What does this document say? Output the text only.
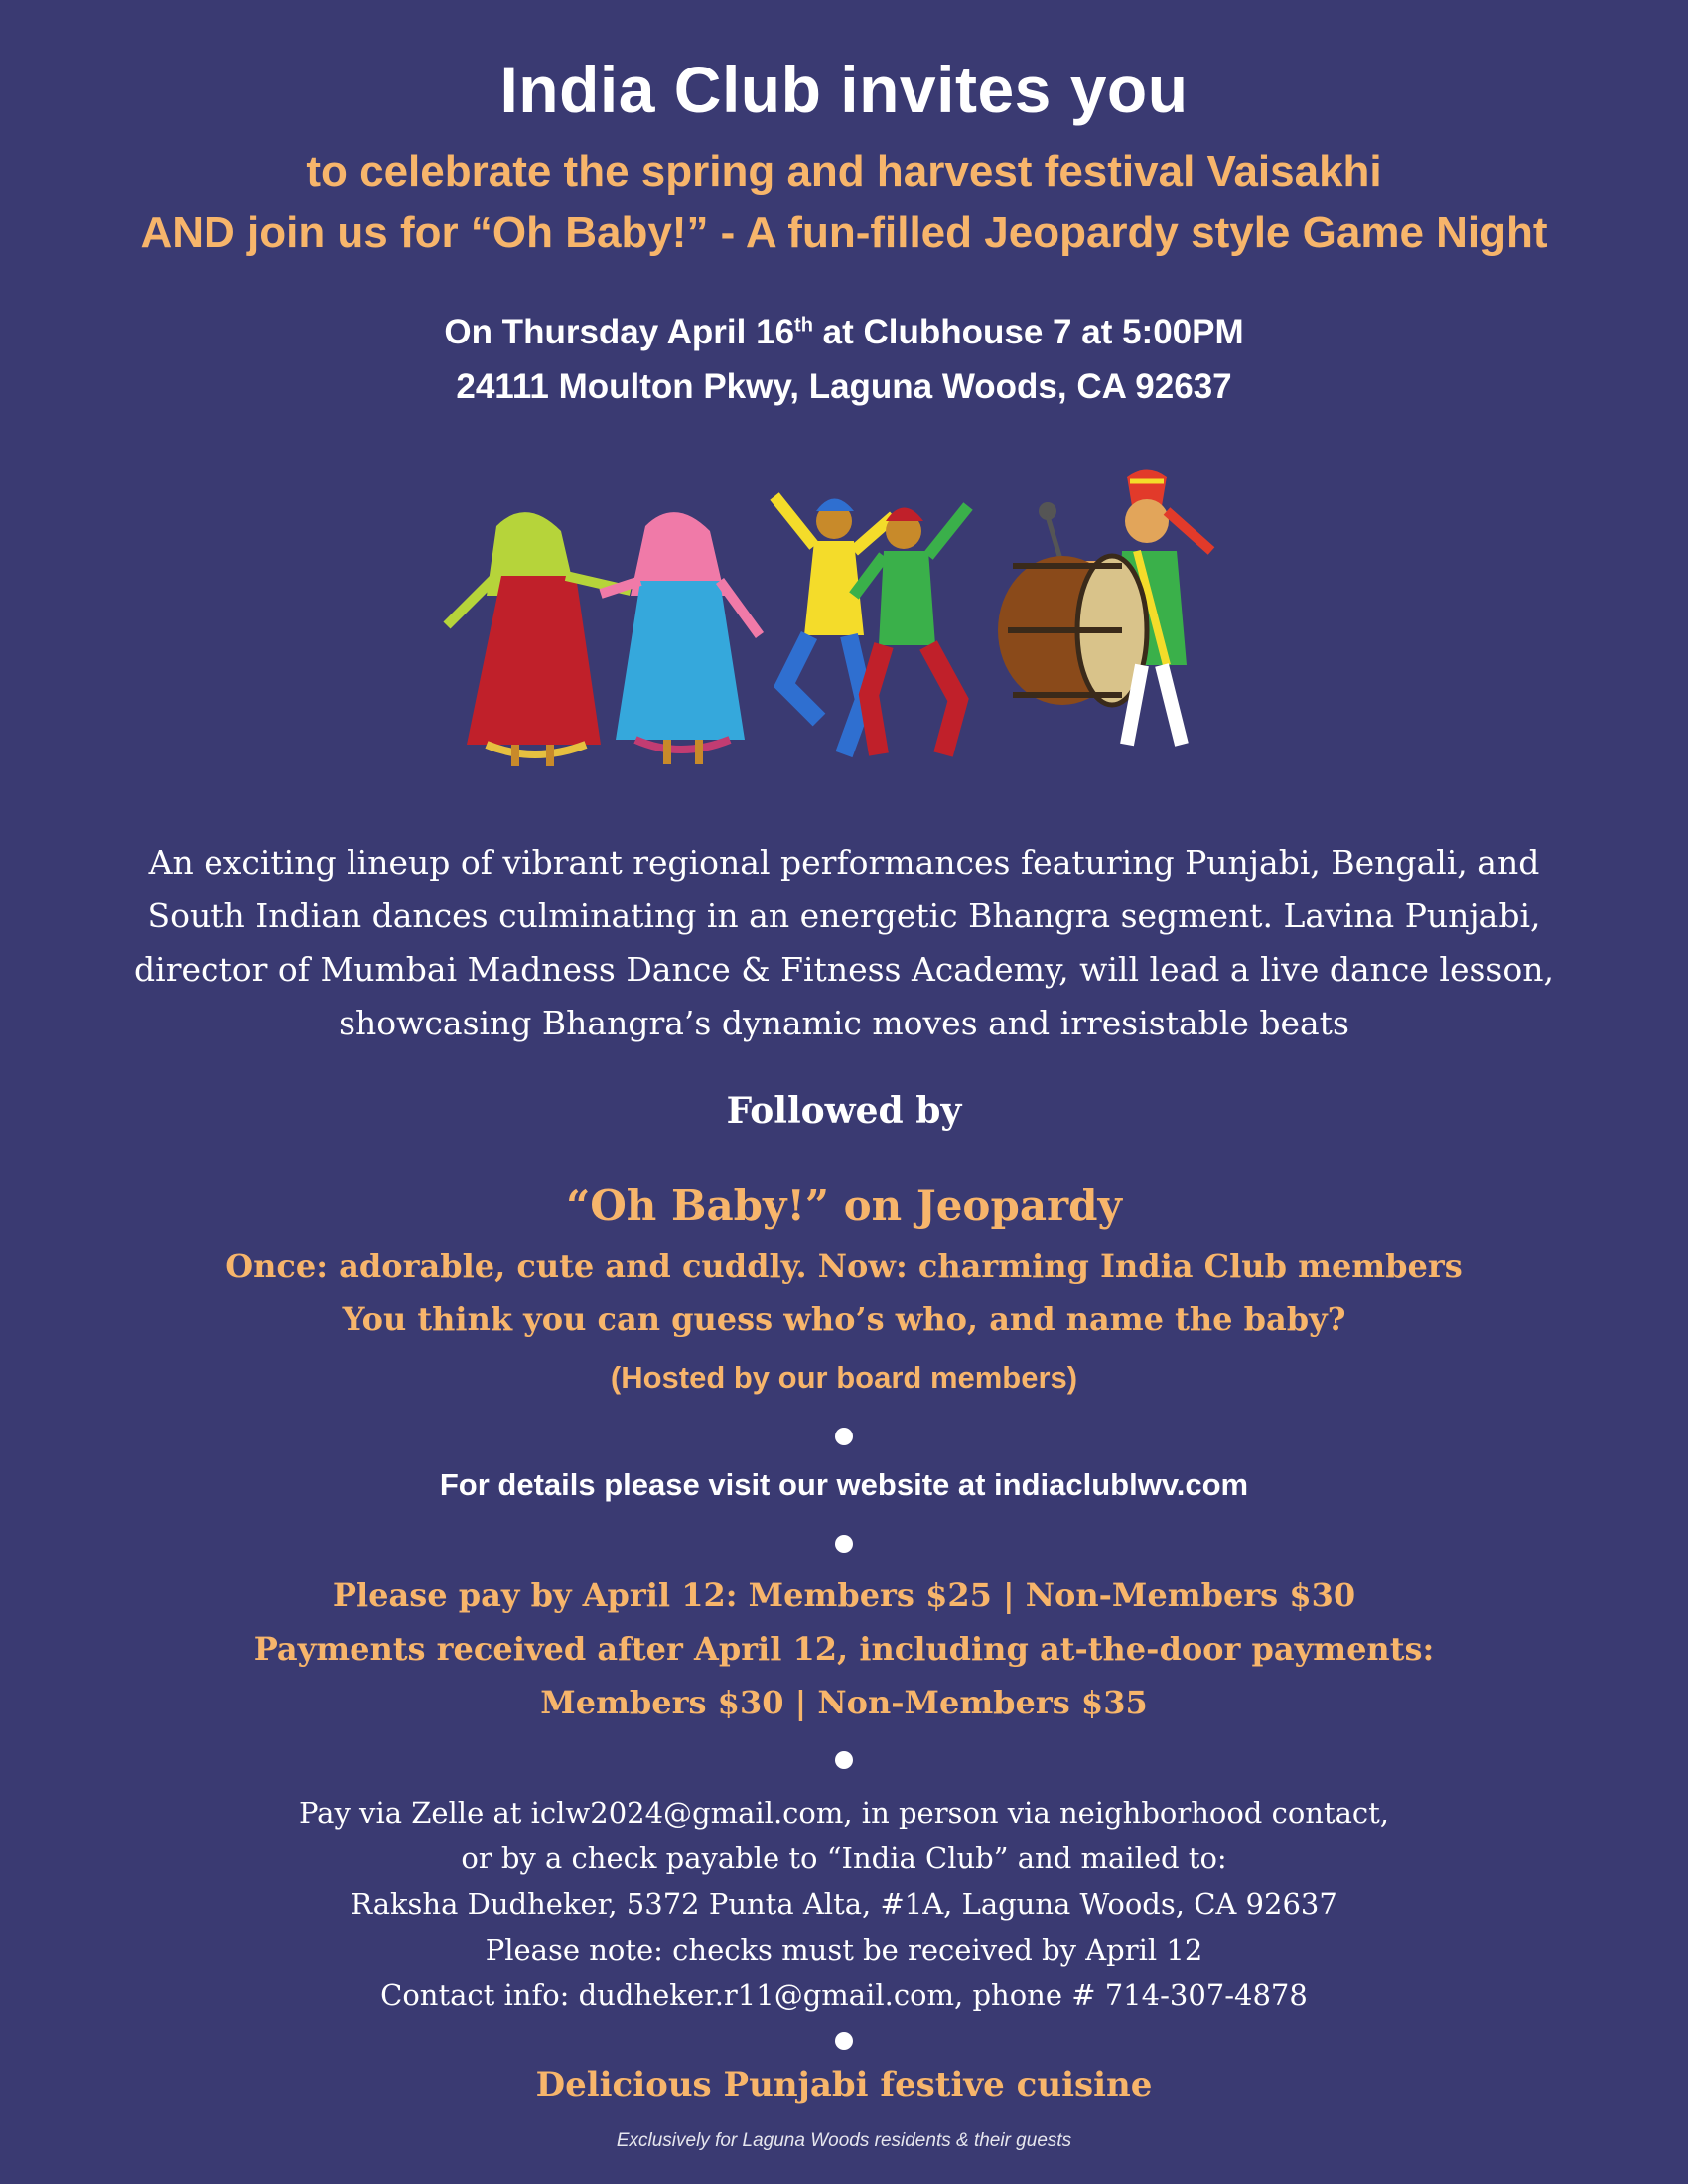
India Club invites you

to celebrate the spring and harvest festival Vaisakhi

AND join us for “Oh Baby!” - A fun-filled Jeopardy style Game Night

On Thursday April 16th at Clubhouse 7 at 5:00PM

24111 Moulton Pkwy, Laguna Woods, CA 92637

An exciting lineup of vibrant regional performances featuring Punjabi, Bengali, and
South Indian dances culminating in an energetic Bhangra segment. Lavina Punjabi,
director of Mumbai Madness Dance & Fitness Academy, will lead a live dance lesson,
showcasing Bhangra’s dynamic moves and irresistable beats

Followed by

“Oh Baby!” on Jeopardy

Once: adorable, cute and cuddly. Now: charming India Club members

You think you can guess who’s who, and name the baby?

(Hosted by our board members)

For details please visit our website at indiaclublwv.com

Please pay by April 12: Members $25 | Non-Members $30

Payments received after April 12, including at-the-door payments:

Members $30 | Non-Members $35

Pay via Zelle at iclw2024@gmail.com, in person via neighborhood contact,
or by a check payable to “India Club” and mailed to:
Raksha Dudheker, 5372 Punta Alta, #1A, Laguna Woods, CA 92637
Please note: checks must be received by April 12
Contact info: dudheker.r11@gmail.com, phone # 714-307-4878

Delicious Punjabi festive cuisine

Exclusively for Laguna Woods residents & their guests
